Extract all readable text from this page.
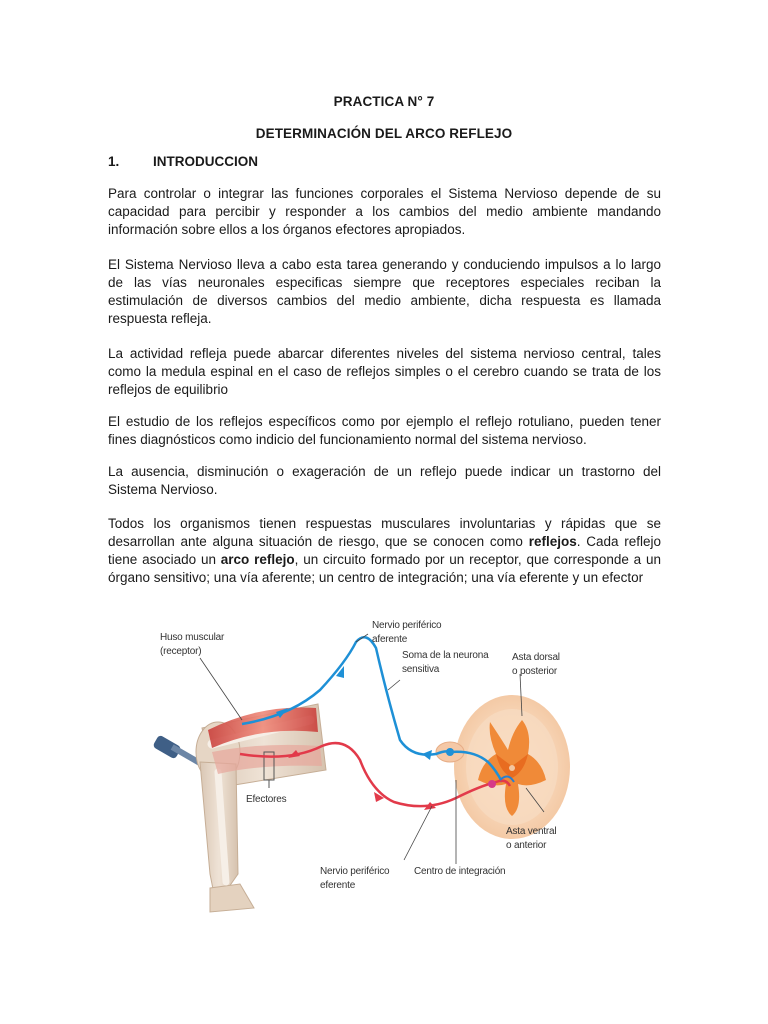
PRACTICA N° 7
DETERMINACIÓN DEL ARCO REFLEJO
1. INTRODUCCION

Para controlar o integrar las funciones corporales el Sistema Nervioso depende de su capacidad para percibir y responder a los cambios del medio ambiente mandando información sobre ellos a los órganos efectores apropiados.

El Sistema Nervioso lleva a cabo esta tarea generando y conduciendo impulsos a lo largo de las vías neuronales especificas siempre que receptores especiales reciban la estimulación de diversos cambios del medio ambiente, dicha respuesta es llamada respuesta refleja.

La actividad refleja puede abarcar diferentes niveles del sistema nervioso central, tales como la medula espinal en el caso de reflejos simples o el cerebro cuando se trata de los reflejos de equilibrio

El estudio de los reflejos específicos como por ejemplo el reflejo rotuliano, pueden tener fines diagnósticos como indicio del funcionamiento normal del sistema nervioso.

La ausencia, disminución o exageración de un reflejo puede indicar un trastorno del Sistema Nervioso.

Todos los organismos tienen respuestas musculares involuntarias y rápidas que se desarrollan ante alguna situación de riesgo, que se conocen como reflejos. Cada reflejo tiene asociado un arco reflejo, un circuito formado por un receptor, que corresponde a un órgano sensitivo; una vía aferente; un centro de integración; una vía eferente y un efector

Huso muscular
(receptor)
Nervio periférico
aferente
Soma de la neurona
sensitiva
Asta dorsal
o posterior
Efectores
Asta ventral
o anterior
Nervio periférico
eferente
Centro de integración
